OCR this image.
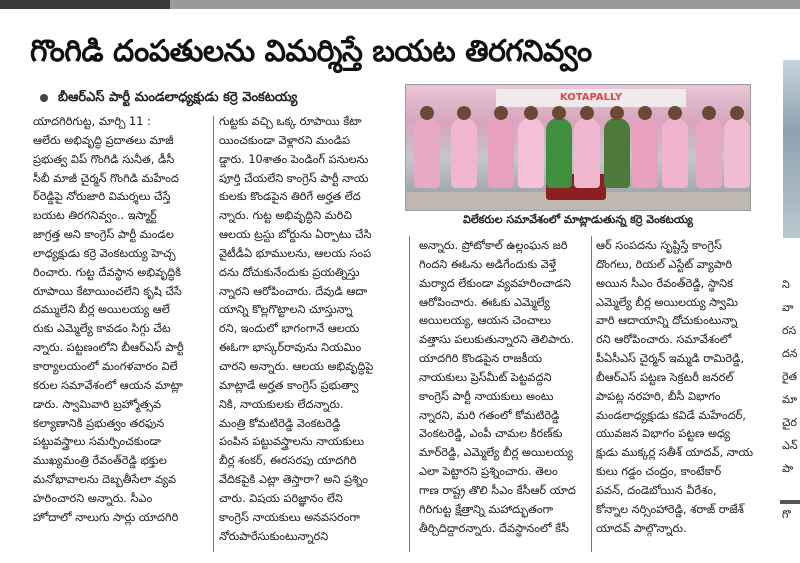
గొంగిడి దంపతులను విమర్శిస్తే బయట తిరగనివ్వం
ని
వా
రస
దన
రైత
మా
చైర
ఎన్
పా
గొ
బీఆర్ఎస్ పార్టీ మండలాధ్యక్షుడు కర్రె వెంకటయ్య	KOTAPALLY
విలేకరుల సమావేశంలో మాట్లాడుతున్న కర్రె వెంకటయ్య
యాదగిరిగుట్ట, మార్చి 11 :
ఆలేరు అభివృద్ధి ప్రదాతలు మాజీ
ప్రభుత్వ విప్ గొంగిడి సునీత, డీసీ
సీబీ మాజీ చైర్మన్ గొంగిడి మహేంద
ర్‌రెడ్డిపై నోరుజారి విమర్శలు చేస్తే
బయట తిరగనివ్వం.. ఇస్మార్ట్
జాగ్రత్త అని కాంగ్రెస్ పార్టీ మండల
లాధ్యక్షుడు కర్రె వెంకటయ్య హెచ్చ
రించారు. గుట్ట దేవస్థాన అభివృద్ధికి
రూపాయి కేటాయించలేని కృషి చేసే
దమ్ములేని బీర్ల అయిలయ్య ఆలే
రుకు ఎమ్మెల్యే కావడం సిగ్గు చేట
న్నారు. పట్టణంలోని బీఆర్ఎస్ పార్టీ
కార్యాలయంలో మంగళవారం విలే
కరుల సమావేశంలో ఆయన మాట్లా
డారు. స్వామివారి బ్రహ్మోత్సవ
కల్యాణానికి ప్రభుత్వం తరఫున
పట్టువస్త్రాలు సమర్పించకుండా
ముఖ్యమంత్రి రేవంత్‌రెడ్డి భక్తుల
మనోభావాలను దెబ్బతీసేలా వ్యవ
హరించారని అన్నారు. సీఎం
హోదాలో నాలుగు సార్లు యాదగిరి
గుట్టకు వచ్చి ఒక్క రూపాయి కేటా
యించకుండా వెళ్లారని మండిప
డ్డారు. 10శాతం పెండింగ్ పనులను
పూర్తి చేయలేని కాంగ్రెస్ పార్టీ నాయ
కులకు కొండపైన తిరిగే అర్హత లేద
న్నారు. గుట్ట అభివృద్ధిని మరిచి
ఆలయ ట్రస్టు బోర్డును ఏర్పాటు చేసి
వైటీడీఏ భూములను, ఆలయ సంప
దను దోచుకునేందుకు ప్రయత్నిస్తు
న్నారని ఆరోపించారు. దేవుడి ఆదా
యాన్ని కొల్లగొట్టాలని చూస్తున్నా
రని, ఇందులో భాగంగానే ఆలయ
ఈఓగా భాస్కర్‌రావును నియమిం
చారని అన్నారు. ఆలయ అభివృద్ధిపై
మాట్లాడే అర్హత కాంగ్రెస్ ప్రభుత్వా
నికి, నాయకులకు లేదన్నారు.
మంత్రి కోమటిరెడ్డి వెంకటరెడ్డి
పంపిన పట్టువస్త్రాలను నాయకులు
బీర్ల శంకర్, ఈరసరపు యాదగిరి
వేదికపైకి ఎట్లా తెస్తారా? అని ప్రశ్నిం
చారు. విషయ పరిజ్ఞానం లేని
కాంగ్రెస్ నాయకులు అనవసరంగా
నోరుపారేసుకుంటున్నారని
అన్నారు. ప్రోటోకాల్ ఉల్లంఘన జరి
గిందని ఈఓను అడిగేందుకు వెళ్తే
మర్యాద లేకుండా వ్యవహరించాడని
ఆరోపించారు. ఈఓకు ఎమ్మెల్యే
అయిలయ్య, ఆయన చెంచాలు
వత్తాసు పలుకుతున్నారని తెలిపారు.
యాదగిరి కొండపైన రాజకీయ
నాయకులు ప్రెస్‌మీట్ పెట్టవద్దని
కాంగ్రెస్ పార్టీ నాయకులు అంటు
న్నారని, మరి గతంలో కోమటిరెడ్డి
వెంకటరెడ్డి, ఎంపీ చామల కిరణ్‌కు
మార్‌రెడ్డి, ఎమ్మెల్యే బీర్ల అయిలయ్య
ఎలా పెట్టారని ప్రశ్నించారు. తెలం
గాణ రాష్ట్ర తొలి సీఎం కేసీఆర్ యాద
గిరిగుట్ట క్షేత్రాన్ని మహాద్భుతంగా
తీర్చిదిద్దారన్నారు. దేవస్థానంలో కేసీ
ఆర్ సంపదను సృష్టిస్తే కాంగ్రెస్
దొంగలు, రియల్ ఎస్టేట్ వ్యాపారి
అయిన సీఎం రేవంత్‌రెడ్డి, స్థానిక
ఎమ్మెల్యే బీర్ల అయిలయ్య స్వామి
వారి ఆదాయాన్ని దోచుకుంటున్నా
రని ఆరోపించారు. సమావేశంలో
పీఏసీఎస్ చైర్మన్ ఇమ్మడి రామిరెడ్డి,
బీఆర్ఎస్ పట్టణ సెక్రటరీ జనరల్
పాపట్ల నరహరి, బీసీ విభాగం
మండలాధ్యక్షుడు కవిడే మహేందర్,
యువజన విభాగం పట్టణ అధ్య
క్షుడు ముక్కర్ల సతీశ్ యాదవ్, నాయ
కులు గడ్డం చంద్రం, కాంటేకార్
పవన్, దండెబోయిన వీరేశం,
కోన్నాల నర్సింహారెడ్డి, శరాజ్ రాజేశ్
యాదవ్ పాల్గొన్నారు.
